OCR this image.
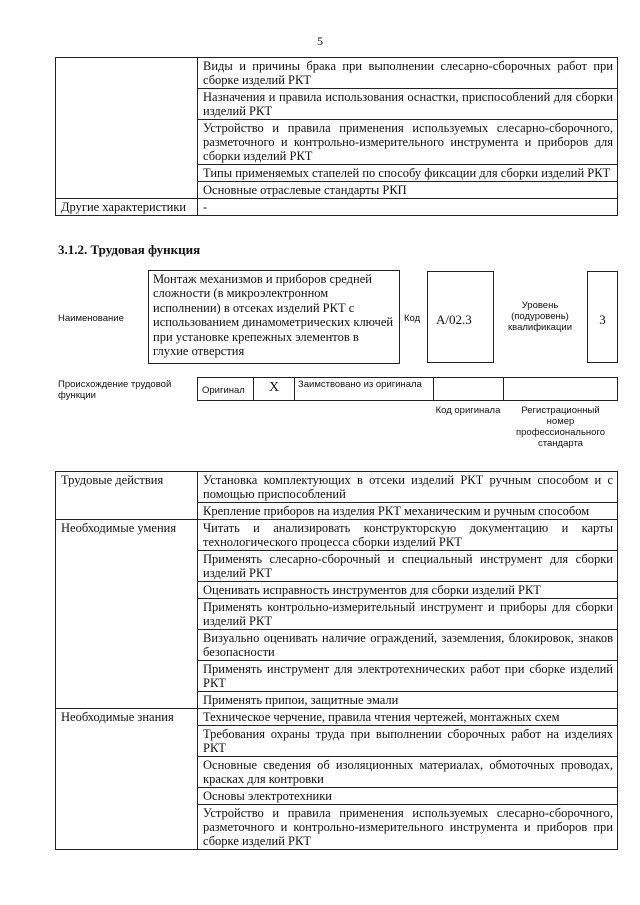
5
	Виды и причины брака при выполнении слесарно-сборочных работ при сборке изделий РКТ
	Назначения и правила использования оснастки, приспособлений для сборки изделий РКТ
	Устройство и правила применения используемых слесарно-сборочного, разметочного и контрольно-измерительного инструмента и приборов для сборки изделий РКТ
	Типы применяемых стапелей по способу фиксации для сборки изделий РКТ
	Основные отраслевые стандарты РКП
Другие характеристики	-
3.1.2. Трудовая функция
Наименование
Монтаж механизмов и приборов средней сложности (в микроэлектронном исполнении) в отсеках изделий РКТ с использованием динамометрических ключей при установке крепежных элементов в глухие отверстия
Код	A/02.3
Уровень (подуровень) квалификации
3
Происхождение трудовой функции	Оригинал	X	Заимствовано из оригинала
Код оригинала	Регистрационный номер профессионального стандарта
Трудовые действия	Установка комплектующих в отсеки изделий РКТ ручным способом и с помощью приспособлений
	Крепление приборов на изделия РКТ механическим и ручным способом
Необходимые умения	Читать и анализировать конструкторскую документацию и карты технологического процесса сборки изделий РКТ
	Применять слесарно-сборочный и специальный инструмент для сборки изделий РКТ
	Оценивать исправность инструментов для сборки изделий РКТ
	Применять контрольно-измерительный инструмент и приборы для сборки изделий РКТ
	Визуально оценивать наличие ограждений, заземления, блокировок, знаков безопасности
	Применять инструмент для электротехнических работ при сборке изделий РКТ
	Применять припои, защитные эмали
Необходимые знания	Техническое черчение, правила чтения чертежей, монтажных схем
	Требования охраны труда при выполнении сборочных работ на изделиях РКТ
	Основные сведения об изоляционных материалах, обмоточных проводах, красках для контровки
	Основы электротехники
	Устройство и правила применения используемых слесарно-сборочного, разметочного и контрольно-измерительного инструмента и приборов при сборке изделий РКТ
